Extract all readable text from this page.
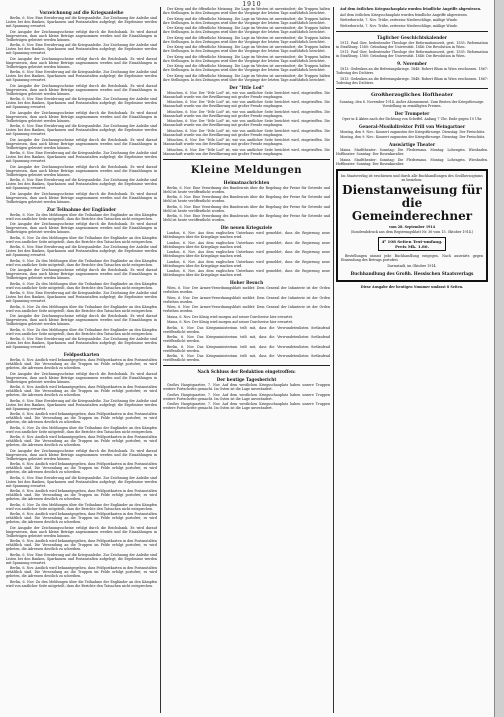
1910
Vorzeichnung auf die Kriegsanleihe

Berlin, 6. Nov. Eine Erwiderung auf die Kriegsanleihe. Zur Zeichnung der Anleihe sind Listen bei den Banken, Sparkassen und Postanstalten aufgelegt; die Ergebnisse werden mit Spannung erwartet.

Die Ausgabe der Zeichnungsscheine erfolgt durch die Reichsbank. Es wird darauf hingewiesen, dass auch kleine Beträge angenommen werden und die Einzahlungen in Teilbeträgen geleistet werden können.

Berlin, 6. Nov. Eine Erwiderung auf die Kriegsanleihe. Zur Zeichnung der Anleihe sind Listen bei den Banken, Sparkassen und Postanstalten aufgelegt; die Ergebnisse werden mit Spannung erwartet.

Die Ausgabe der Zeichnungsscheine erfolgt durch die Reichsbank. Es wird darauf hingewiesen, dass auch kleine Beträge angenommen werden und die Einzahlungen in Teilbeträgen geleistet werden können.

Berlin, 6. Nov. Eine Erwiderung auf die Kriegsanleihe. Zur Zeichnung der Anleihe sind Listen bei den Banken, Sparkassen und Postanstalten aufgelegt; die Ergebnisse werden mit Spannung erwartet.

Die Ausgabe der Zeichnungsscheine erfolgt durch die Reichsbank. Es wird darauf hingewiesen, dass auch kleine Beträge angenommen werden und die Einzahlungen in Teilbeträgen geleistet werden können.

Berlin, 6. Nov. Eine Erwiderung auf die Kriegsanleihe. Zur Zeichnung der Anleihe sind Listen bei den Banken, Sparkassen und Postanstalten aufgelegt; die Ergebnisse werden mit Spannung erwartet.

Die Ausgabe der Zeichnungsscheine erfolgt durch die Reichsbank. Es wird darauf hingewiesen, dass auch kleine Beträge angenommen werden und die Einzahlungen in Teilbeträgen geleistet werden können.

Berlin, 6. Nov. Eine Erwiderung auf die Kriegsanleihe. Zur Zeichnung der Anleihe sind Listen bei den Banken, Sparkassen und Postanstalten aufgelegt; die Ergebnisse werden mit Spannung erwartet.

Die Ausgabe der Zeichnungsscheine erfolgt durch die Reichsbank. Es wird darauf hingewiesen, dass auch kleine Beträge angenommen werden und die Einzahlungen in Teilbeträgen geleistet werden können.

Berlin, 6. Nov. Eine Erwiderung auf die Kriegsanleihe. Zur Zeichnung der Anleihe sind Listen bei den Banken, Sparkassen und Postanstalten aufgelegt; die Ergebnisse werden mit Spannung erwartet.

Die Ausgabe der Zeichnungsscheine erfolgt durch die Reichsbank. Es wird darauf hingewiesen, dass auch kleine Beträge angenommen werden und die Einzahlungen in Teilbeträgen geleistet werden können.

Berlin, 6. Nov. Eine Erwiderung auf die Kriegsanleihe. Zur Zeichnung der Anleihe sind Listen bei den Banken, Sparkassen und Postanstalten aufgelegt; die Ergebnisse werden mit Spannung erwartet.

Die Ausgabe der Zeichnungsscheine erfolgt durch die Reichsbank. Es wird darauf hingewiesen, dass auch kleine Beträge angenommen werden und die Einzahlungen in Teilbeträgen geleistet werden können.

Zur Teilnahme der Engländer

Berlin, 6. Nov. Zu den Meldungen über die Teilnahme der Engländer an den Kämpfen wird von amtlicher Seite mitgeteilt, dass die Berichte den Tatsachen nicht entsprechen.

Die Ausgabe der Zeichnungsscheine erfolgt durch die Reichsbank. Es wird darauf hingewiesen, dass auch kleine Beträge angenommen werden und die Einzahlungen in Teilbeträgen geleistet werden können.

Berlin, 6. Nov. Zu den Meldungen über die Teilnahme der Engländer an den Kämpfen wird von amtlicher Seite mitgeteilt, dass die Berichte den Tatsachen nicht entsprechen.

Berlin, 6. Nov. Eine Erwiderung auf die Kriegsanleihe. Zur Zeichnung der Anleihe sind Listen bei den Banken, Sparkassen und Postanstalten aufgelegt; die Ergebnisse werden mit Spannung erwartet.

Berlin, 6. Nov. Zu den Meldungen über die Teilnahme der Engländer an den Kämpfen wird von amtlicher Seite mitgeteilt, dass die Berichte den Tatsachen nicht entsprechen.

Die Ausgabe der Zeichnungsscheine erfolgt durch die Reichsbank. Es wird darauf hingewiesen, dass auch kleine Beträge angenommen werden und die Einzahlungen in Teilbeträgen geleistet werden können.

Berlin, 6. Nov. Zu den Meldungen über die Teilnahme der Engländer an den Kämpfen wird von amtlicher Seite mitgeteilt, dass die Berichte den Tatsachen nicht entsprechen.

Berlin, 6. Nov. Eine Erwiderung auf die Kriegsanleihe. Zur Zeichnung der Anleihe sind Listen bei den Banken, Sparkassen und Postanstalten aufgelegt; die Ergebnisse werden mit Spannung erwartet.

Berlin, 6. Nov. Zu den Meldungen über die Teilnahme der Engländer an den Kämpfen wird von amtlicher Seite mitgeteilt, dass die Berichte den Tatsachen nicht entsprechen.

Die Ausgabe der Zeichnungsscheine erfolgt durch die Reichsbank. Es wird darauf hingewiesen, dass auch kleine Beträge angenommen werden und die Einzahlungen in Teilbeträgen geleistet werden können.

Berlin, 6. Nov. Zu den Meldungen über die Teilnahme der Engländer an den Kämpfen wird von amtlicher Seite mitgeteilt, dass die Berichte den Tatsachen nicht entsprechen.

Berlin, 6. Nov. Eine Erwiderung auf die Kriegsanleihe. Zur Zeichnung der Anleihe sind Listen bei den Banken, Sparkassen und Postanstalten aufgelegt; die Ergebnisse werden mit Spannung erwartet.

Feldpostkarten

Berlin, 6. Nov. Amtlich wird bekanntgegeben, dass Feldpostkarten in den Postanstalten erhältlich sind. Die Versendung an die Truppen im Felde erfolgt portofrei; es wird gebeten, die Adressen deutlich zu schreiben.

Die Ausgabe der Zeichnungsscheine erfolgt durch die Reichsbank. Es wird darauf hingewiesen, dass auch kleine Beträge angenommen werden und die Einzahlungen in Teilbeträgen geleistet werden können.

Berlin, 6. Nov. Amtlich wird bekanntgegeben, dass Feldpostkarten in den Postanstalten erhältlich sind. Die Versendung an die Truppen im Felde erfolgt portofrei; es wird gebeten, die Adressen deutlich zu schreiben.

Berlin, 6. Nov. Eine Erwiderung auf die Kriegsanleihe. Zur Zeichnung der Anleihe sind Listen bei den Banken, Sparkassen und Postanstalten aufgelegt; die Ergebnisse werden mit Spannung erwartet.

Berlin, 6. Nov. Amtlich wird bekanntgegeben, dass Feldpostkarten in den Postanstalten erhältlich sind. Die Versendung an die Truppen im Felde erfolgt portofrei; es wird gebeten, die Adressen deutlich zu schreiben.

Berlin, 6. Nov. Zu den Meldungen über die Teilnahme der Engländer an den Kämpfen wird von amtlicher Seite mitgeteilt, dass die Berichte den Tatsachen nicht entsprechen.

Berlin, 6. Nov. Amtlich wird bekanntgegeben, dass Feldpostkarten in den Postanstalten erhältlich sind. Die Versendung an die Truppen im Felde erfolgt portofrei; es wird gebeten, die Adressen deutlich zu schreiben.

Die Ausgabe der Zeichnungsscheine erfolgt durch die Reichsbank. Es wird darauf hingewiesen, dass auch kleine Beträge angenommen werden und die Einzahlungen in Teilbeträgen geleistet werden können.

Berlin, 6. Nov. Amtlich wird bekanntgegeben, dass Feldpostkarten in den Postanstalten erhältlich sind. Die Versendung an die Truppen im Felde erfolgt portofrei; es wird gebeten, die Adressen deutlich zu schreiben.

Berlin, 6. Nov. Eine Erwiderung auf die Kriegsanleihe. Zur Zeichnung der Anleihe sind Listen bei den Banken, Sparkassen und Postanstalten aufgelegt; die Ergebnisse werden mit Spannung erwartet.

Berlin, 6. Nov. Amtlich wird bekanntgegeben, dass Feldpostkarten in den Postanstalten erhältlich sind. Die Versendung an die Truppen im Felde erfolgt portofrei; es wird gebeten, die Adressen deutlich zu schreiben.

Berlin, 6. Nov. Zu den Meldungen über die Teilnahme der Engländer an den Kämpfen wird von amtlicher Seite mitgeteilt, dass die Berichte den Tatsachen nicht entsprechen.

Berlin, 6. Nov. Amtlich wird bekanntgegeben, dass Feldpostkarten in den Postanstalten erhältlich sind. Die Versendung an die Truppen im Felde erfolgt portofrei; es wird gebeten, die Adressen deutlich zu schreiben.

Die Ausgabe der Zeichnungsscheine erfolgt durch die Reichsbank. Es wird darauf hingewiesen, dass auch kleine Beträge angenommen werden und die Einzahlungen in Teilbeträgen geleistet werden können.

Berlin, 6. Nov. Amtlich wird bekanntgegeben, dass Feldpostkarten in den Postanstalten erhältlich sind. Die Versendung an die Truppen im Felde erfolgt portofrei; es wird gebeten, die Adressen deutlich zu schreiben.

Berlin, 6. Nov. Eine Erwiderung auf die Kriegsanleihe. Zur Zeichnung der Anleihe sind Listen bei den Banken, Sparkassen und Postanstalten aufgelegt; die Ergebnisse werden mit Spannung erwartet.

Berlin, 6. Nov. Amtlich wird bekanntgegeben, dass Feldpostkarten in den Postanstalten erhältlich sind. Die Versendung an die Truppen im Felde erfolgt portofrei; es wird gebeten, die Adressen deutlich zu schreiben.

Berlin, 6. Nov. Zu den Meldungen über die Teilnahme der Engländer an den Kämpfen wird von amtlicher Seite mitgeteilt, dass die Berichte den Tatsachen nicht entsprechen.

Der Krieg und die öffentliche Meinung. Die Lage im Westen ist unverändert; die Truppen halten ihre Stellungen. In den Zeitungen wird über die Vorgänge der letzten Tage ausführlich berichtet.

Der Krieg und die öffentliche Meinung. Die Lage im Westen ist unverändert; die Truppen halten ihre Stellungen. In den Zeitungen wird über die Vorgänge der letzten Tage ausführlich berichtet.

Der Krieg und die öffentliche Meinung. Die Lage im Westen ist unverändert; die Truppen halten ihre Stellungen. In den Zeitungen wird über die Vorgänge der letzten Tage ausführlich berichtet.

Der Krieg und die öffentliche Meinung. Die Lage im Westen ist unverändert; die Truppen halten ihre Stellungen. In den Zeitungen wird über die Vorgänge der letzten Tage ausführlich berichtet.

Der Krieg und die öffentliche Meinung. Die Lage im Westen ist unverändert; die Truppen halten ihre Stellungen. In den Zeitungen wird über die Vorgänge der letzten Tage ausführlich berichtet.

Der Krieg und die öffentliche Meinung. Die Lage im Westen ist unverändert; die Truppen halten ihre Stellungen. In den Zeitungen wird über die Vorgänge der letzten Tage ausführlich berichtet.

Der Krieg und die öffentliche Meinung. Die Lage im Westen ist unverändert; die Truppen halten ihre Stellungen. In den Zeitungen wird über die Vorgänge der letzten Tage ausführlich berichtet.

Der Krieg und die öffentliche Meinung. Die Lage im Westen ist unverändert; die Truppen halten ihre Stellungen. In den Zeitungen wird über die Vorgänge der letzten Tage ausführlich berichtet.

Der "Ittle Lod"

München, 6. Nov. Der "Ittle Lod" ist, wie von amtlicher Seite berichtet wird, eingetroffen. Die Mannschaft wurde von der Bevölkerung mit großer Freude empfangen.

München, 6. Nov. Der "Ittle Lod" ist, wie von amtlicher Seite berichtet wird, eingetroffen. Die Mannschaft wurde von der Bevölkerung mit großer Freude empfangen.

München, 6. Nov. Der "Ittle Lod" ist, wie von amtlicher Seite berichtet wird, eingetroffen. Die Mannschaft wurde von der Bevölkerung mit großer Freude empfangen.

München, 6. Nov. Der "Ittle Lod" ist, wie von amtlicher Seite berichtet wird, eingetroffen. Die Mannschaft wurde von der Bevölkerung mit großer Freude empfangen.

München, 6. Nov. Der "Ittle Lod" ist, wie von amtlicher Seite berichtet wird, eingetroffen. Die Mannschaft wurde von der Bevölkerung mit großer Freude empfangen.

München, 6. Nov. Der "Ittle Lod" ist, wie von amtlicher Seite berichtet wird, eingetroffen. Die Mannschaft wurde von der Bevölkerung mit großer Freude empfangen.

München, 6. Nov. Der "Ittle Lod" ist, wie von amtlicher Seite berichtet wird, eingetroffen. Die Mannschaft wurde von der Bevölkerung mit großer Freude empfangen.

Kleine Meldungen
Heimatnachrichten

Berlin, 6. Nov. Eine Verordnung des Bundesrats über die Regelung der Preise für Getreide und Mehl ist heute veröffentlicht worden.

Berlin, 6. Nov. Eine Verordnung des Bundesrats über die Regelung der Preise für Getreide und Mehl ist heute veröffentlicht worden.

Berlin, 6. Nov. Eine Verordnung des Bundesrats über die Regelung der Preise für Getreide und Mehl ist heute veröffentlicht worden.

Berlin, 6. Nov. Eine Verordnung des Bundesrats über die Regelung der Preise für Getreide und Mehl ist heute veröffentlicht worden.

Die neuen Kriegsziele

London, 6. Nov. Aus dem englischen Unterhaus wird gemeldet, dass die Regierung neue Mitteilungen über die Kriegslage machen wird.

London, 6. Nov. Aus dem englischen Unterhaus wird gemeldet, dass die Regierung neue Mitteilungen über die Kriegslage machen wird.

London, 6. Nov. Aus dem englischen Unterhaus wird gemeldet, dass die Regierung neue Mitteilungen über die Kriegslage machen wird.

London, 6. Nov. Aus dem englischen Unterhaus wird gemeldet, dass die Regierung neue Mitteilungen über die Kriegslage machen wird.

London, 6. Nov. Aus dem englischen Unterhaus wird gemeldet, dass die Regierung neue Mitteilungen über die Kriegslage machen wird.

Hoher Besuch

Wien, 6. Nov. Der Armee-Verordnungsblatt meldet: Dem General der Infanterie ist der Orden verliehen worden.

Wien, 6. Nov. Der Armee-Verordnungsblatt meldet: Dem General der Infanterie ist der Orden verliehen worden.

Wien, 6. Nov. Der Armee-Verordnungsblatt meldet: Dem General der Infanterie ist der Orden verliehen worden.

Mainz, 6. Nov. Der König wird morgen auf seiner Durchreise hier erwartet.

Mainz, 6. Nov. Der König wird morgen auf seiner Durchreise hier erwartet.

Berlin, 6. Nov. Das Kriegsministerium teilt mit, dass die Verwundetenlisten fortlaufend veröffentlicht werden.

Berlin, 6. Nov. Das Kriegsministerium teilt mit, dass die Verwundetenlisten fortlaufend veröffentlicht werden.

Berlin, 6. Nov. Das Kriegsministerium teilt mit, dass die Verwundetenlisten fortlaufend veröffentlicht werden.

Berlin, 6. Nov. Das Kriegsministerium teilt mit, dass die Verwundetenlisten fortlaufend veröffentlicht werden.

Nach Schluss der Redaktion eingetroffen:
Der heutige Tagesbericht

Großes Hauptquartier, 7. Nov. Auf dem westlichen Kriegsschauplatz haben unsere Truppen weitere Fortschritte gemacht. Im Osten ist die Lage unverändert.

Großes Hauptquartier, 7. Nov. Auf dem westlichen Kriegsschauplatz haben unsere Truppen weitere Fortschritte gemacht. Im Osten ist die Lage unverändert.

Großes Hauptquartier, 7. Nov. Auf dem westlichen Kriegsschauplatz haben unsere Truppen weitere Fortschritte gemacht. Im Osten ist die Lage unverändert.

Auf dem östlichen Kriegsschauplatz wurden feindliche Angriffe abgewiesen.

Auf dem östlichen Kriegsschauplatz wurden feindliche Angriffe abgewiesen.

Wetterbericht, 7. Nov. Trübe, zeitweise Niederschläge, mäßige Winde.

Wetterbericht, 7. Nov. Trübe, zeitweise Niederschläge, mäßige Winde.

Täglicher Geschichtskalender

1911: Paul Gier, bedeutender Theologe der Reformationszeit, gest. 1555: Reformation in Straßburg. 1580: Gründung der Universität. 1846: Die Revolution in Wien.

1911: Paul Gier, bedeutender Theologe der Reformationszeit, gest. 1555: Reformation in Straßburg. 1580: Gründung der Universität. 1846: Die Revolution in Wien.

9. November

1813: Gedenken an die Befreiungskriege. 1848: Robert Blum in Wien erschossen. 1867: Todestag des Dichters.

1813: Gedenken an die Befreiungskriege. 1848: Robert Blum in Wien erschossen. 1867: Todestag des Dichters.

Großherzogliches Hoftheater

Sonntag, den 8. November 1914. Außer Abonnement. Zum Besten der Kriegsfürsorge. Vorstellung zu ermäßigten Preisen.

Der Trompeter

Oper in 4 Akten nach der Dichtung von Scheffel. Anfang 7 Uhr. Ende gegen 10 Uhr.

General-Musikdirektor Prill von Weingartner

Montag, den 9. Nov.: Konzert zugunsten der Kriegsfürsorge. Dienstag: Der Freischütz.

Montag, den 9. Nov.: Konzert zugunsten der Kriegsfürsorge. Dienstag: Der Freischütz.

Auswärtige Theater

Mainz. Stadttheater: Sonntag: Die Fledermaus. Montag: Lohengrin. Wiesbaden. Hoftheater: Sonntag: Der Rosenkavalier.

Mainz. Stadttheater: Sonntag: Die Fledermaus. Montag: Lohengrin. Wiesbaden. Hoftheater: Sonntag: Der Rosenkavalier.

Im Staatsverlag ist erschienen und durch alle Buchhandlungen des Großherzogtums zu beziehen:

Dienstanweisung für die Gemeinderechner

vom 28. September 1914

(Sonderabdruck aus dem Regierungsblatt Nr. 36 vom 15. Oktober 1914.)

4⁰ 108 Seiten Text-umfang. Preis Mk. 1.80.

Bestellungen nimmt jede Buchhandlung entgegen. Nach auswärts gegen Einsendung des Betrags portofrei.

Darmstadt, im Oktober 1914.

Buchhandlung des Großh. Hessischen Staatsverlags

Diese Ausgabe der heutigen Nummer umfasst 8 Seiten.
